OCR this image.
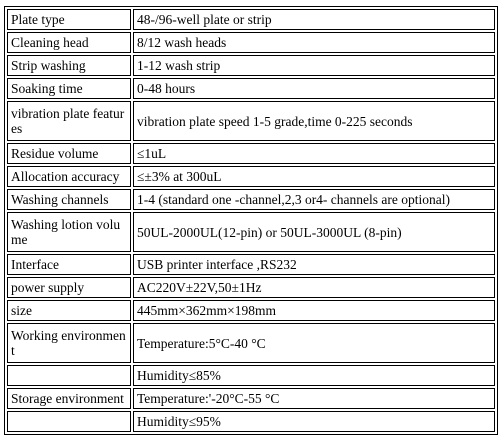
Plate type	48-/96-well plate or strip
Cleaning head	8/12 wash heads
Strip washing	1-12 wash strip
Soaking time	0-48 hours
vibration plate featur es	vibration plate speed 1-5 grade,time 0-225 seconds
Residue volume	≤1uL
Allocation accuracy	≤±3% at 300uL
Washing channels	1-4 (standard one -channel,2,3 or4- channels are optional)
Washing lotion volu me	50UL-2000UL(12-pin) or 50UL-3000UL (8-pin)
Interface	USB printer interface ,RS232
power supply	AC220V±22V,50±1Hz
size	445mm×362mm×198mm
Working environmen t	Temperature:5°C-40 °C
	Humidity≤85%
Storage environment	Temperature:'-20°C-55 °C
	Humidity≤95%
